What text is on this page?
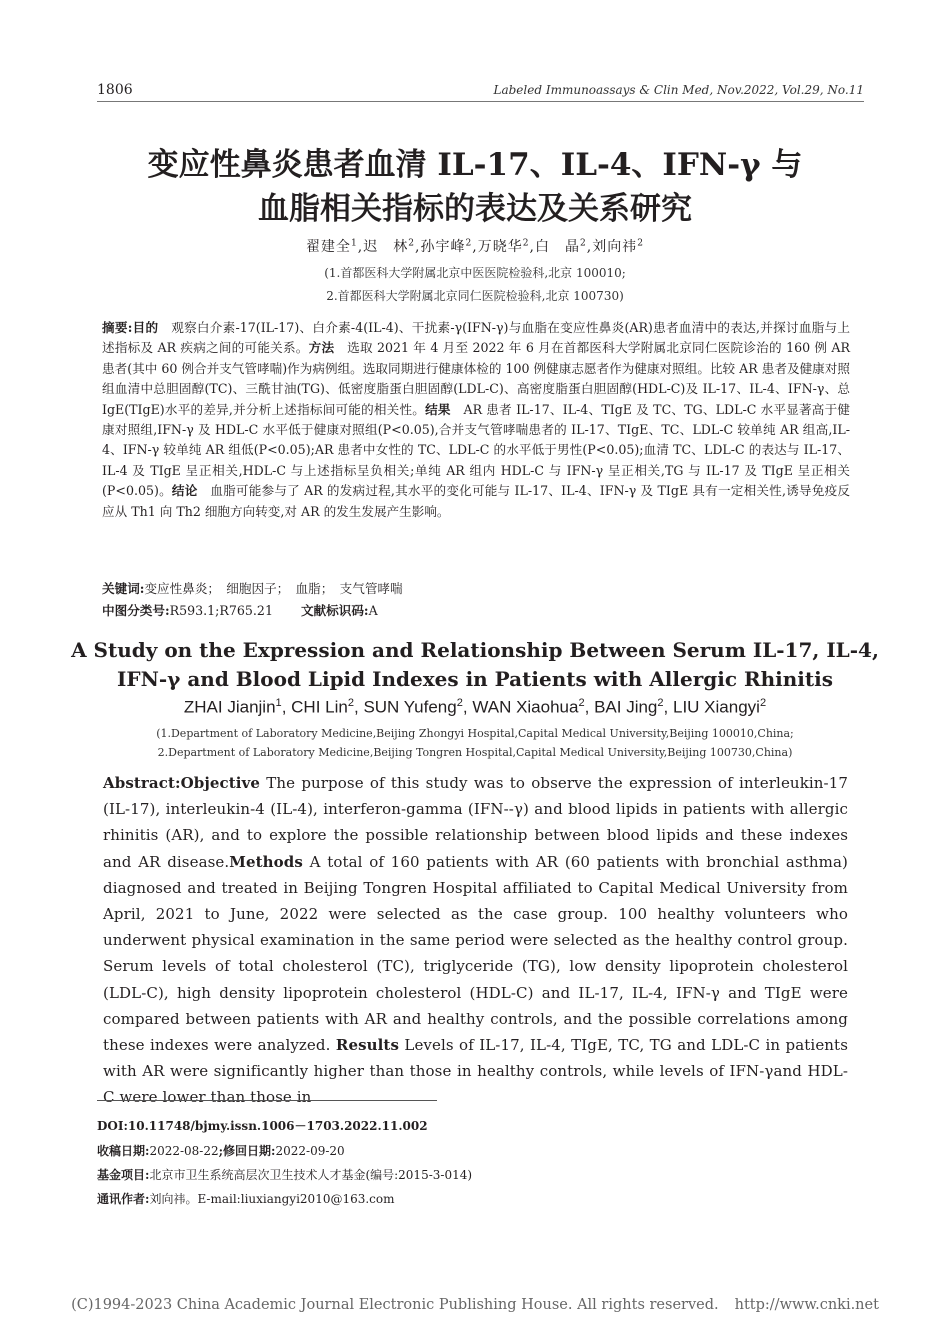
1806	Labeled Immunoassays & Clin Med, Nov.2022, Vol.29, No.11
变应性鼻炎患者血清 IL-17、IL-4、IFN-γ 与
血脂相关指标的表达及关系研究
翟建全$^1$,迟　林$^2$,孙宇峰$^2$,万晓华$^2$,白　晶$^2$,刘向祎$^2$
(1.首都医科大学附属北京中医医院检验科,北京 100010;
2.首都医科大学附属北京同仁医院检验科,北京 100730)
摘要:目的　观察白介素-17(IL-17)、白介素-4(IL-4)、干扰素-γ(IFN-γ)与血脂在变应性鼻炎(AR)患者血清中的表达,并探讨血脂与上述指标及 AR 疾病之间的可能关系。方法　选取 2021 年 4 月至 2022 年 6 月在首都医科大学附属北京同仁医院诊治的 160 例 AR 患者(其中 60 例合并支气管哮喘)作为病例组。选取同期进行健康体检的 100 例健康志愿者作为健康对照组。比较 AR 患者及健康对照组血清中总胆固醇(TC)、三酰甘油(TG)、低密度脂蛋白胆固醇(LDL-C)、高密度脂蛋白胆固醇(HDL-C)及 IL-17、IL-4、IFN-γ、总 IgE(TIgE)水平的差异,并分析上述指标间可能的相关性。结果　AR 患者 IL-17、IL-4、TIgE 及 TC、TG、LDL-C 水平显著高于健康对照组,IFN-γ 及 HDL-C 水平低于健康对照组(P<0.05),合并支气管哮喘患者的 IL-17、TIgE、TC、LDL-C 较单纯 AR 组高,IL-4、IFN-γ 较单纯 AR 组低(P<0.05);AR 患者中女性的 TC、LDL-C 的水平低于男性(P<0.05);血清 TC、LDL-C 的表达与 IL-17、IL-4 及 TIgE 呈正相关,HDL-C 与上述指标呈负相关;单纯 AR 组内 HDL-C 与 IFN-γ 呈正相关,TG 与 IL-17 及 TIgE 呈正相关(P<0.05)。结论　血脂可能参与了 AR 的发病过程,其水平的变化可能与 IL-17、IL-4、IFN-γ 及 TIgE 具有一定相关性,诱导免疫反应从 Th1 向 Th2 细胞方向转变,对 AR 的发生发展产生影响。
关键词:变应性鼻炎；　细胞因子；　血脂；　支气管哮喘
中图分类号:R593.1;R765.21 文献标识码:A
A Study on the Expression and Relationship Between Serum IL-17, IL-4,
IFN-γ and Blood Lipid Indexes in Patients with Allergic Rhinitis
ZHAI Jianjin$^1$, CHI Lin$^2$, SUN Yufeng$^2$, WAN Xiaohua$^2$, BAI Jing$^2$, LIU Xiangyi$^2$
(1.Department of Laboratory Medicine,Beijing Zhongyi Hospital,Capital Medical University,Beijing 100010,China;
2.Department of Laboratory Medicine,Beijing Tongren Hospital,Capital Medical University,Beijing 100730,China)
Abstract:Objective The purpose of this study was to observe the expression of interleukin-17 (IL-17), interleukin-4 (IL-4), interferon-gamma (IFN--γ) and blood lipids in patients with allergic rhinitis (AR), and to explore the possible relationship between blood lipids and these indexes and AR disease.Methods A total of 160 patients with AR (60 patients with bronchial asthma) diagnosed and treated in Beijing Tongren Hospital affiliated to Capital Medical University from April, 2021 to June, 2022 were selected as the case group. 100 healthy volunteers who underwent physical examination in the same period were selected as the healthy control group. Serum levels of total cholesterol (TC), triglyceride (TG), low density lipoprotein cholesterol (LDL-C), high density lipoprotein cholesterol (HDL-C) and IL-17, IL-4, IFN-γ and TIgE were compared between patients with AR and healthy controls, and the possible correlations among these indexes were analyzed. Results Levels of IL-17, IL-4, TIgE, TC, TG and LDL-C in patients with AR were significantly higher than those in healthy controls, while levels of IFN-γand HDL-C were lower than those in
DOI:10.11748/bjmy.issn.1006－1703.2022.11.002
收稿日期:2022-08-22;修回日期:2022-09-20
基金项目:北京市卫生系统高层次卫生技术人才基金(编号:2015-3-014)
通讯作者:刘向祎。E-mail:liuxiangyi2010@163.com
(C)1994-2023 China Academic Journal Electronic Publishing House. All rights reserved. http://www.cnki.net
